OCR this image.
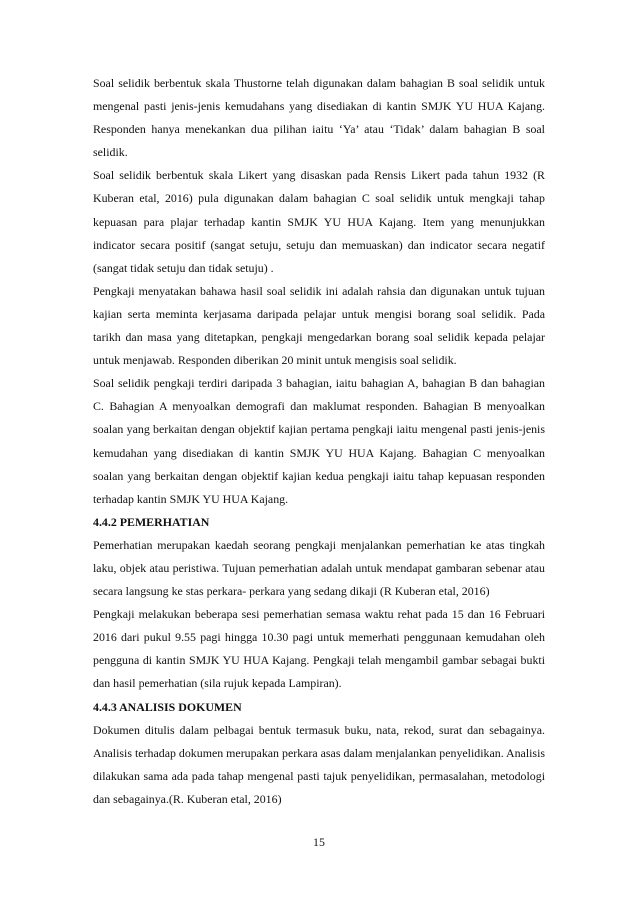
Soal selidik berbentuk skala Thustorne telah digunakan dalam bahagian B soal selidik untuk mengenal pasti jenis-jenis kemudahans yang disediakan di kantin SMJK YU HUA Kajang. Responden hanya menekankan dua pilihan iaitu ‘Ya’ atau ‘Tidak’ dalam bahagian B soal selidik.

Soal selidik berbentuk skala Likert yang disaskan pada Rensis Likert pada tahun 1932 (R Kuberan etal, 2016) pula digunakan dalam bahagian C soal selidik untuk mengkaji tahap kepuasan para plajar terhadap kantin SMJK YU HUA Kajang. Item yang menunjukkan indicator secara positif (sangat setuju, setuju dan memuaskan) dan indicator secara negatif (sangat tidak setuju dan tidak setuju) .

Pengkaji menyatakan bahawa hasil soal selidik ini adalah rahsia dan digunakan untuk tujuan kajian serta meminta kerjasama daripada pelajar untuk mengisi borang soal selidik. Pada tarikh dan masa yang ditetapkan, pengkaji mengedarkan borang soal selidik kepada pelajar untuk menjawab. Responden diberikan 20 minit untuk mengisis soal selidik.

Soal selidik pengkaji terdiri daripada 3 bahagian, iaitu bahagian A, bahagian B dan bahagian C. Bahagian A menyoalkan demografi dan maklumat responden. Bahagian B menyoalkan soalan yang berkaitan dengan objektif kajian pertama pengkaji iaitu mengenal pasti jenis-jenis kemudahan yang disediakan di kantin SMJK YU HUA Kajang. Bahagian C menyoalkan soalan yang berkaitan dengan objektif kajian kedua pengkaji iaitu tahap kepuasan responden terhadap kantin SMJK YU HUA Kajang.

4.4.2 PEMERHATIAN

Pemerhatian merupakan kaedah seorang pengkaji menjalankan pemerhatian ke atas tingkah laku, objek atau peristiwa. Tujuan pemerhatian adalah untuk mendapat gambaran sebenar atau secara langsung ke stas perkara- perkara yang sedang dikaji (R Kuberan etal, 2016)

Pengkaji melakukan beberapa sesi pemerhatian semasa waktu rehat pada 15 dan 16 Februari 2016 dari pukul 9.55 pagi hingga 10.30 pagi untuk memerhati penggunaan kemudahan oleh pengguna di kantin SMJK YU HUA Kajang. Pengkaji telah mengambil gambar sebagai bukti dan hasil pemerhatian (sila rujuk kepada Lampiran).

4.4.3 ANALISIS DOKUMEN

Dokumen ditulis dalam pelbagai bentuk termasuk buku, nata, rekod, surat dan sebagainya. Analisis terhadap dokumen merupakan perkara asas dalam menjalankan penyelidikan. Analisis dilakukan sama ada pada tahap mengenal pasti tajuk penyelidikan, permasalahan, metodologi dan sebagainya.(R. Kuberan etal, 2016)

15
